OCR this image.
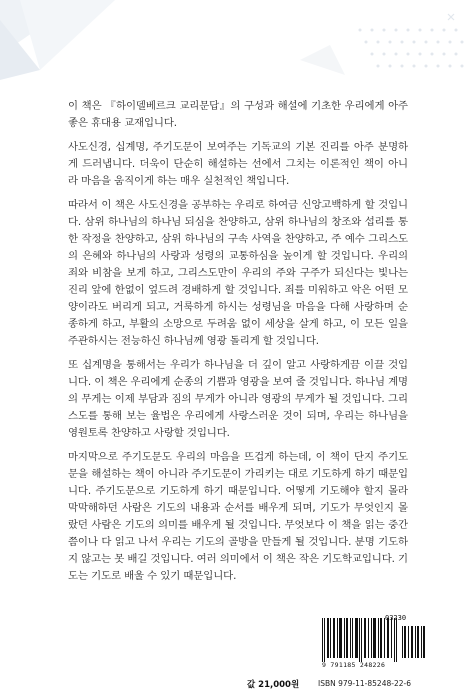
이 책은 『하이델베르크 교리문답』의 구성과 해설에 기초한 우리에게 아주 좋은 휴대용 교재입니다.

사도신경, 십계명, 주기도문이 보여주는 기독교의 기본 진리를 아주 분명하게 드러냅니다. 더욱이 단순히 해설하는 선에서 그치는 이론적인 책이 아니라 마음을 움직이게 하는 매우 실천적인 책입니다.

따라서 이 책은 사도신경을 공부하는 우리로 하여금 신앙고백하게 할 것입니다. 삼위 하나님의 하나님 되심을 찬양하고, 삼위 하나님의 창조와 섭리를 통한 작정을 찬양하고, 삼위 하나님의 구속 사역을 찬양하고, 주 예수 그리스도의 은혜와 하나님의 사랑과 성령의 교통하심을 높이게 할 것입니다. 우리의 죄와 비참을 보게 하고, 그리스도만이 우리의 주와 구주가 되신다는 빛나는 진리 앞에 한없이 엎드려 경배하게 할 것입니다. 죄를 미워하고 악은 어떤 모양이라도 버리게 되고, 거룩하게 하시는 성령님을 마음을 다해 사랑하며 순종하게 하고, 부활의 소망으로 두려움 없이 세상을 살게 하고, 이 모든 일을 주관하시는 전능하신 하나님께 영광 돌리게 할 것입니다.

또 십계명을 통해서는 우리가 하나님을 더 깊이 알고 사랑하게끔 이끌 것입니다. 이 책은 우리에게 순종의 기쁨과 영광을 보여 줄 것입니다. 하나님 계명의 무게는 이제 부담과 짐의 무게가 아니라 영광의 무게가 될 것입니다. 그리스도를 통해 보는 율법은 우리에게 사랑스러운 것이 되며, 우리는 하나님을 영원토록 찬양하고 사랑할 것입니다.

마지막으로 주기도문도 우리의 마음을 뜨겁게 하는데, 이 책이 단지 주기도문을 해설하는 책이 아니라 주기도문이 가리키는 대로 기도하게 하기 때문입니다. 주기도문으로 기도하게 하기 때문입니다. 어떻게 기도해야 할지 몰라 막막해하던 사람은 기도의 내용과 순서를 배우게 되며, 기도가 무엇인지 몰랐던 사람은 기도의 의미를 배우게 될 것입니다. 무엇보다 이 책을 읽는 중간쯤이나 다 읽고 나서 우리는 기도의 골방을 만들게 될 것입니다. 분명 기도하지 않고는 못 배길 것입니다. 여러 의미에서 이 책은 작은 기도학교입니다. 기도는 기도로 배울 수 있기 때문입니다.

03230
9 791185 248226
값 21,000원	ISBN 979-11-85248-22-6
